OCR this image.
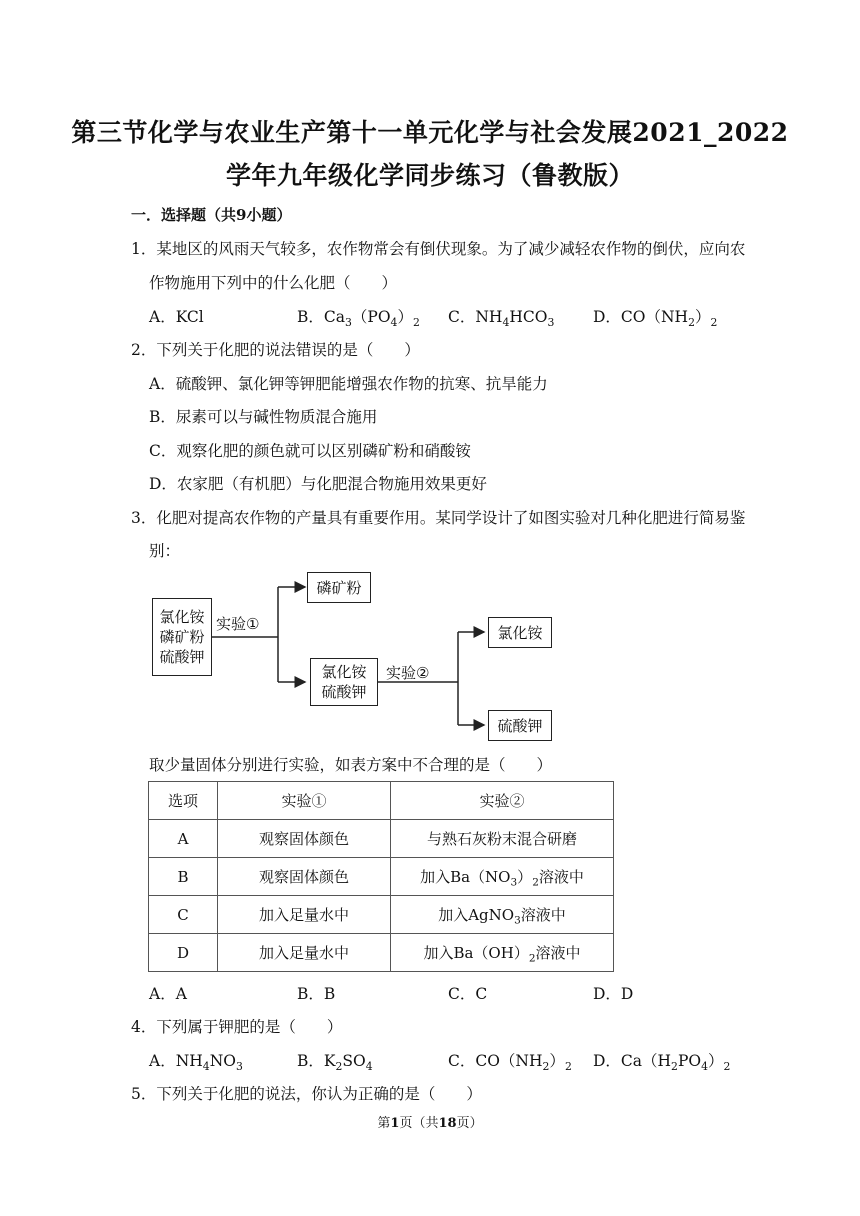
第三节化学与农业生产第十一单元化学与社会发展2021_2022
学年九年级化学同步练习（鲁教版）
一．选择题（共9小题）
1．某地区的风雨天气较多，农作物常会有倒伏现象。为了减少减轻农作物的倒伏，应向农
作物施用下列中的什么化肥（　　）
A．KCl	B．$Ca_3(PO_4)_2$ C．$NH_4HCO_3$ D．$CO(NH_2)_2$
2．下列关于化肥的说法错误的是（　　）
A．硫酸钾、氯化钾等钾肥能增强农作物的抗寒、抗旱能力
B．尿素可以与碱性物质混合施用
C．观察化肥的颜色就可以区别磷矿粉和硝酸铵
D．农家肥（有机肥）与化肥混合物施用效果更好
3．化肥对提高农作物的产量具有重要作用。某同学设计了如图实验对几种化肥进行简易鉴
别：
氯化铵
磷矿粉
硫酸钾
实验①
磷矿粉
氯化铵
硫酸钾
实验②
氯化铵
硫酸钾
取少量固体分别进行实验，如表方案中不合理的是（　　）
选项	实验①	实验②
A	观察固体颜色	与熟石灰粉末混合研磨
B	观察固体颜色	加入$Ba(NO_3)_2$溶液中
C	加入足量水中	加入AgNO$_3$溶液中
D	加入足量水中	加入$Ba(OH)_2$溶液中
A．A	B．B	C．C	D．D
4．下列属于钾肥的是（　　）
A．$NH_4NO_3$	B．$K_2SO_4$	C．$CO(NH_2)_2$ D．$Ca(H_2PO_4)_2$
5．下列关于化肥的说法，你认为正确的是（　　）
第1页（共18页）
